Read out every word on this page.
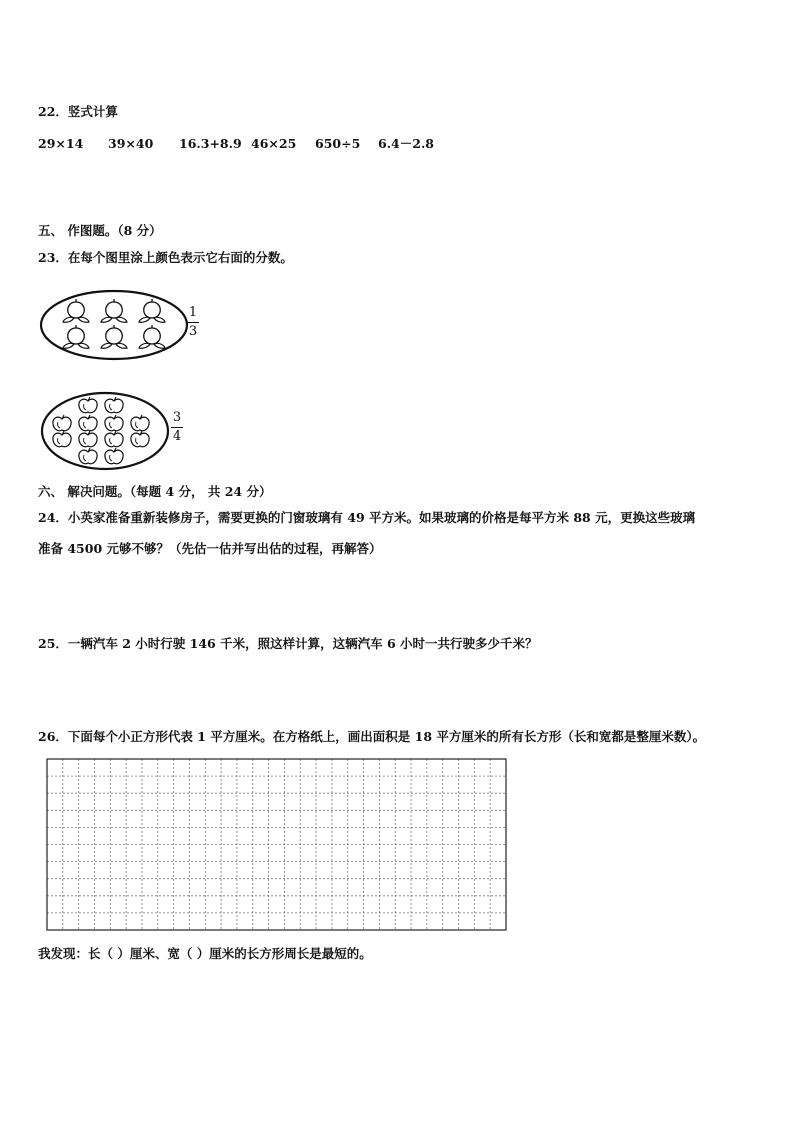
22．竖式计算
29×14 39×40 16.3+8.9 46×25 650÷5 6.4－2.8
五、 作图题。（8 分）
23．在每个图里涂上颜色表示它右面的分数。
1
3
3
4
六、 解决问题。（每题 4 分， 共 24 分）
24．小英家准备重新装修房子，需要更换的门窗玻璃有 49 平方米。如果玻璃的价格是每平方米 88 元，更换这些玻璃
准备 4500 元够不够？（先估一估并写出估的过程，再解答）
25．一辆汽车 2 小时行驶 146 千米，照这样计算，这辆汽车 6 小时一共行驶多少千米？
26．下面每个小正方形代表 1 平方厘米。在方格纸上，画出面积是 18 平方厘米的所有长方形（长和宽都是整厘米数）。
我发现：长（ ）厘米、宽（ ）厘米的长方形周长是最短的。
